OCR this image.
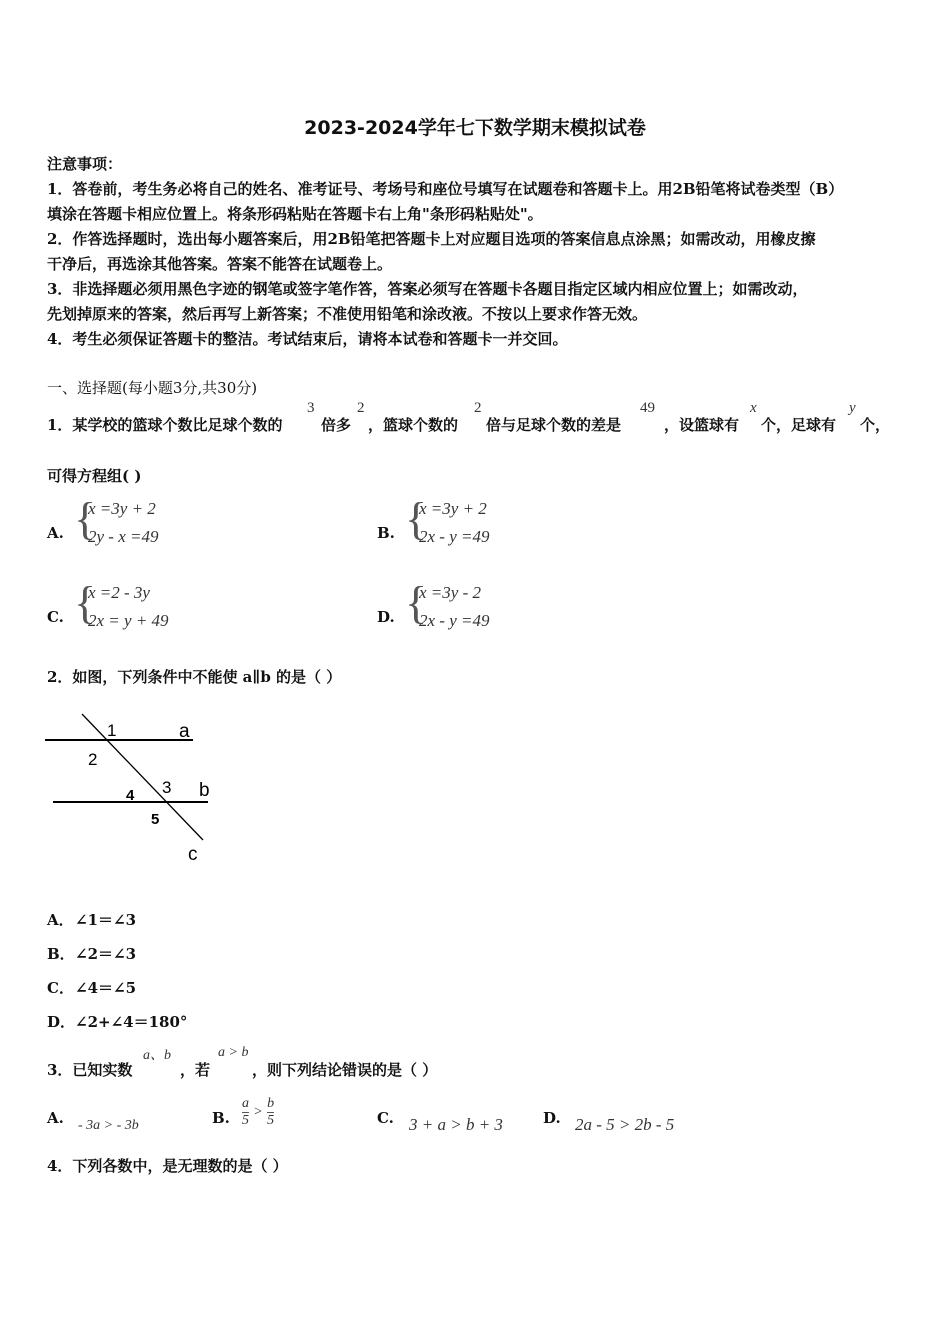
2023-2024学年七下数学期末模拟试卷
注意事项：
1．答卷前，考生务必将自己的姓名、准考证号、考场号和座位号填写在试题卷和答题卡上。用2B铅笔将试卷类型（B）
填涂在答题卡相应位置上。将条形码粘贴在答题卡右上角"条形码粘贴处"。
2．作答选择题时，选出每小题答案后，用2B铅笔把答题卡上对应题目选项的答案信息点涂黑；如需改动，用橡皮擦
干净后，再选涂其他答案。答案不能答在试题卷上。
3．非选择题必须用黑色字迹的钢笔或签字笔作答，答案必须写在答题卡各题目指定区域内相应位置上；如需改动，
先划掉原来的答案，然后再写上新答案；不准使用铅笔和涂改液。不按以上要求作答无效。
4．考生必须保证答题卡的整洁。考试结束后，请将本试卷和答题卡一并交回。
一、选择题(每小题3分,共30分)
1．某学校的篮球个数比足球个数的
3
倍多
2
，篮球个数的
2
倍与足球个数的差是
49
，设篮球有
x
个，足球有
y
个，
可得方程组( )
A. {
x =3y + 2
2y - x =49	B. {
x =3y + 2
2x - y =49
C. {
x =2 - 3y
2x = y + 49	D. {
x =3y - 2
2x - y =49
2．如图，下列条件中不能使 a∥b 的是（ ）
1
2
3
4
5
a
b
c
A． ∠1＝∠3
B． ∠2＝∠3
C． ∠4＝∠5
D． ∠2+∠4＝180°
3．已知实数
a、b
，若
a > b
，则下列结论错误的是（ ）
A. - 3a > - 3b	B. $\frac{a}{5} > \frac{b}{5}$	C. 3 + a > b + 3	D. 2a - 5 > 2b - 5
4．下列各数中，是无理数的是（ ）
